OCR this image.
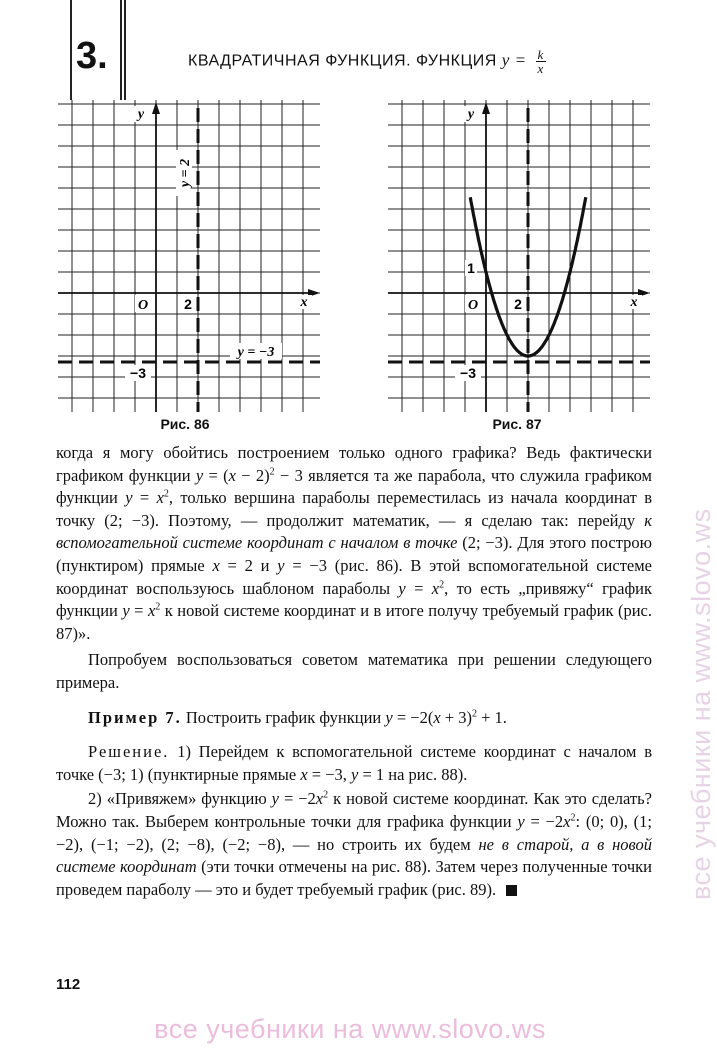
3.	КВАДРАТИЧНАЯ ФУНКЦИЯ. ФУНКЦИЯ $y = \frac{k}{x}$
y
x
O	2
−3
y = 2
y = −3
Рис. 86
y
x
O	2
1
−3
Рис. 87

когда я могу обойтись построением только одного графика? Ведь фактически графиком функции $y = (x - 2)^2 - 3$ является та же парабола, что служила графиком функции $y = x^2$, только вершина параболы переместилась из начала координат в точку (2; −3). Поэтому, — продолжит математик, — я сделаю так: перейду к вспомогательной системе координат с началом в точке (2; −3). Для этого построю (пунктиром) прямые x = 2 и y = −3 (рис. 86). В этой вспомогательной системе координат воспользуюсь шаблоном параболы $y = x^2$, то есть „привяжу“ график функции $y = x^2$ к новой системе координат и в итоге получу требуемый график (рис. 87)».

Попробуем воспользоваться советом математика при решении следующего примера.

Пример 7. Построить график функции $y = -2(x + 3)^2 + 1$.

Решение. 1) Перейдем к вспомогательной системе координат с началом в точке (−3; 1) (пунктирные прямые x = −3, y = 1 на рис. 88).

2) «Привяжем» функцию $y = -2x^2$ к новой системе координат. Как это сделать? Можно так. Выберем контрольные точки для графика функции $y = -2x^2$: (0; 0), (1; −2), (−1; −2), (2; −8), (−2; −8), — но строить их будем не в старой, а в новой системе координат (эти точки отмечены на рис. 88). Затем через полученные точки проведем параболу — это и будет требуемый график (рис. 89).

112
все учебники на www.slovo.ws
все учебники на www.slovo.ws
